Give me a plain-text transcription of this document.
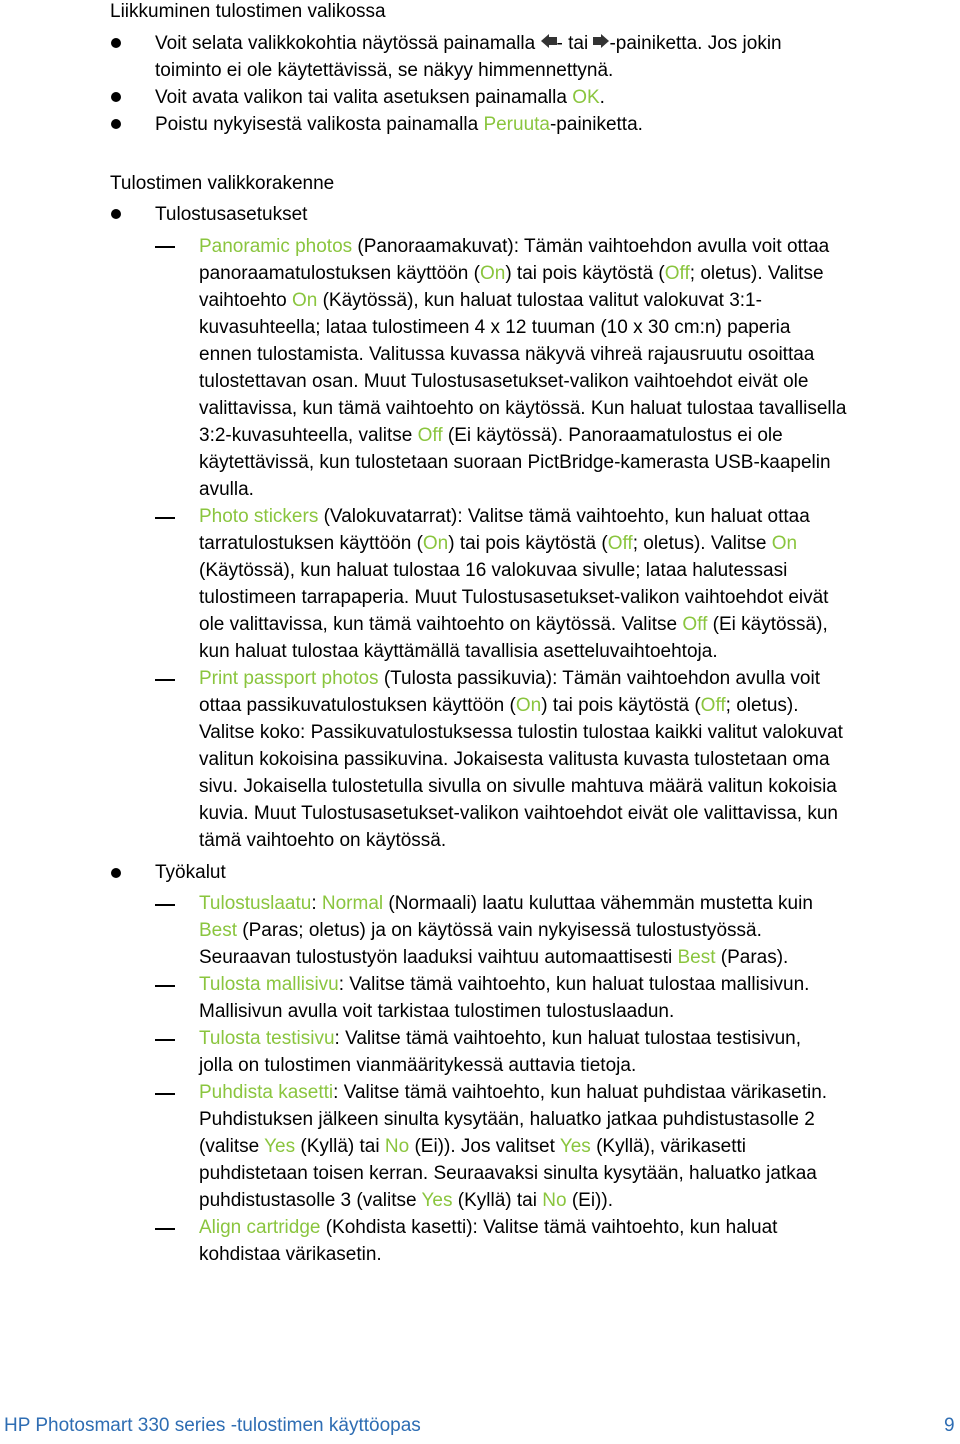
Liikkuminen tulostimen valikossa
Voit selata valikkokohtia näytössä painamalla - tai -painiketta. Jos jokin
toiminto ei ole käytettävissä, se näkyy himmennettynä.
Voit avata valikon tai valita asetuksen painamalla OK.
Poistu nykyisestä valikosta painamalla Peruuta-painiketta.
Tulostimen valikkorakenne
Tulostusasetukset
Panoramic photos (Panoraamakuvat): Tämän vaihtoehdon avulla voit ottaa
panoraamatulostuksen käyttöön (On) tai pois käytöstä (Off; oletus). Valitse
vaihtoehto On (Käytössä), kun haluat tulostaa valitut valokuvat 3:1-
kuvasuhteella; lataa tulostimeen 4 x 12 tuuman (10 x 30 cm:n) paperia
ennen tulostamista. Valitussa kuvassa näkyvä vihreä rajausruutu osoittaa
tulostettavan osan. Muut Tulostusasetukset-valikon vaihtoehdot eivät ole
valittavissa, kun tämä vaihtoehto on käytössä. Kun haluat tulostaa tavallisella
3:2-kuvasuhteella, valitse Off (Ei käytössä). Panoraamatulostus ei ole
käytettävissä, kun tulostetaan suoraan PictBridge-kamerasta USB-kaapelin
avulla.
Photo stickers (Valokuvatarrat): Valitse tämä vaihtoehto, kun haluat ottaa
tarratulostuksen käyttöön (On) tai pois käytöstä (Off; oletus). Valitse On
(Käytössä), kun haluat tulostaa 16 valokuvaa sivulle; lataa halutessasi
tulostimeen tarrapaperia. Muut Tulostusasetukset-valikon vaihtoehdot eivät
ole valittavissa, kun tämä vaihtoehto on käytössä. Valitse Off (Ei käytössä),
kun haluat tulostaa käyttämällä tavallisia asetteluvaihtoehtoja.
Print passport photos (Tulosta passikuvia): Tämän vaihtoehdon avulla voit
ottaa passikuvatulostuksen käyttöön (On) tai pois käytöstä (Off; oletus).
Valitse koko: Passikuvatulostuksessa tulostin tulostaa kaikki valitut valokuvat
valitun kokoisina passikuvina. Jokaisesta valitusta kuvasta tulostetaan oma
sivu. Jokaisella tulostetulla sivulla on sivulle mahtuva määrä valitun kokoisia
kuvia. Muut Tulostusasetukset-valikon vaihtoehdot eivät ole valittavissa, kun
tämä vaihtoehto on käytössä.
Työkalut
Tulostuslaatu: Normal (Normaali) laatu kuluttaa vähemmän mustetta kuin
Best (Paras; oletus) ja on käytössä vain nykyisessä tulostustyössä.
Seuraavan tulostustyön laaduksi vaihtuu automaattisesti Best (Paras).
Tulosta mallisivu: Valitse tämä vaihtoehto, kun haluat tulostaa mallisivun.
Mallisivun avulla voit tarkistaa tulostimen tulostuslaadun.
Tulosta testisivu: Valitse tämä vaihtoehto, kun haluat tulostaa testisivun,
jolla on tulostimen vianmääritykessä auttavia tietoja.
Puhdista kasetti: Valitse tämä vaihtoehto, kun haluat puhdistaa värikasetin.
Puhdistuksen jälkeen sinulta kysytään, haluatko jatkaa puhdistustasolle 2
(valitse Yes (Kyllä) tai No (Ei)). Jos valitset Yes (Kyllä), värikasetti
puhdistetaan toisen kerran. Seuraavaksi sinulta kysytään, haluatko jatkaa
puhdistustasolle 3 (valitse Yes (Kyllä) tai No (Ei)).
Align cartridge (Kohdista kasetti): Valitse tämä vaihtoehto, kun haluat
kohdistaa värikasetin.
HP Photosmart 330 series -tulostimen käyttöopas	9
